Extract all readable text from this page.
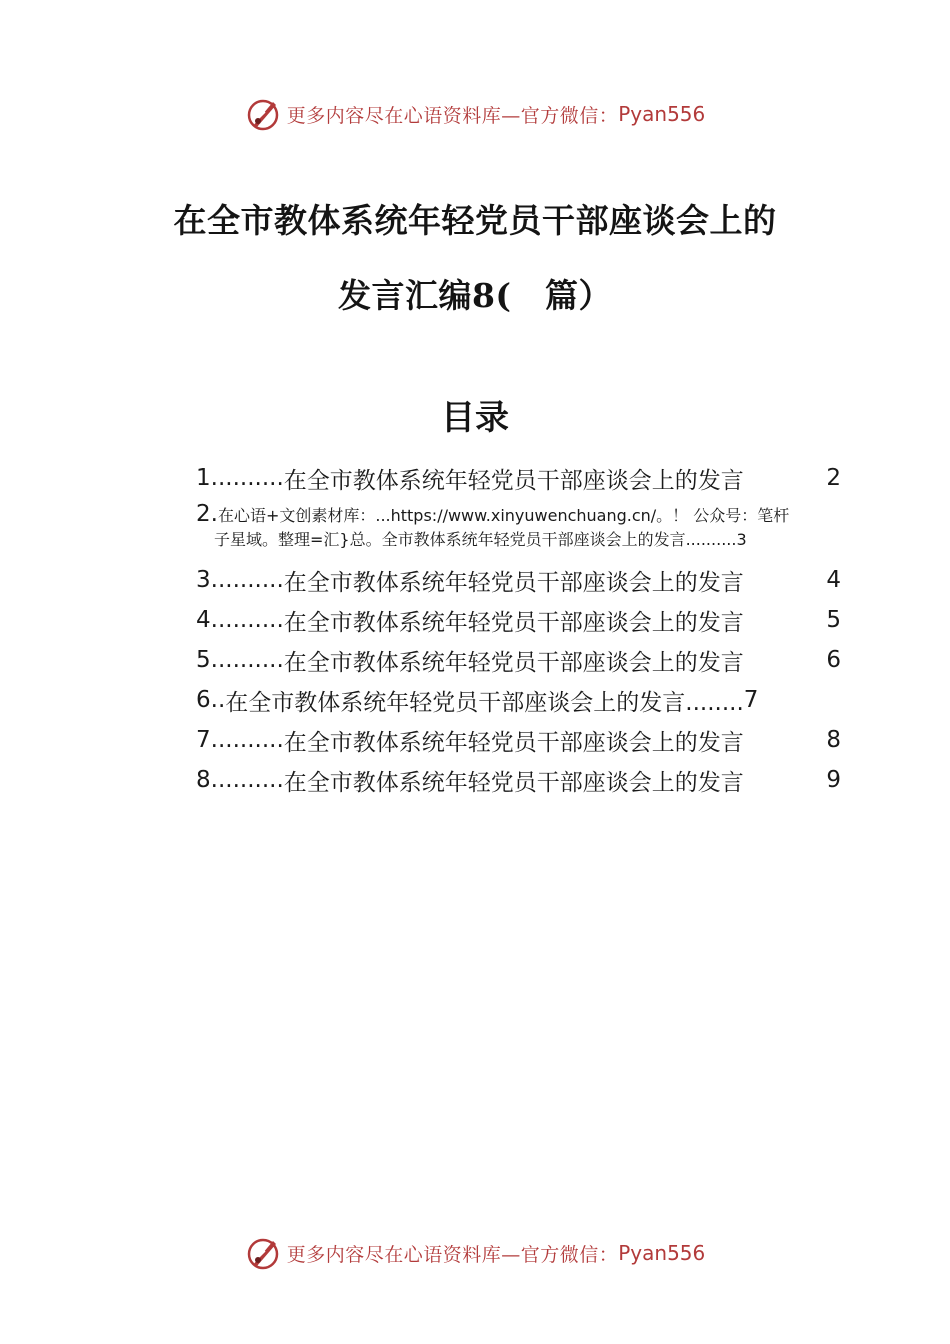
更多内容尽在心语资料库—官方微信： Pyan556
在全市教体系统年轻党员干部座谈会上的
发言汇编8(　篇）
目录
1 .......... 在全市教体系统年轻党员干部座谈会上的发言	2
2.在心语+文创素材库：...https://www.xinyuwenchuang.cn/。！ 公众号：笔杆
子星域。整理=汇}总。全市教体系统年轻党员干部座谈会上的发言..........3
3 .......... 在全市教体系统年轻党员干部座谈会上的发言	4
4 .......... 在全市教体系统年轻党员干部座谈会上的发言	5
5 .......... 在全市教体系统年轻党员干部座谈会上的发言	6
6 .. 在全市教体系统年轻党员干部座谈会上的发言........ 7
7 .......... 在全市教体系统年轻党员干部座谈会上的发言	8
8 .......... 在全市教体系统年轻党员干部座谈会上的发言	9
更多内容尽在心语资料库—官方微信： Pyan556
